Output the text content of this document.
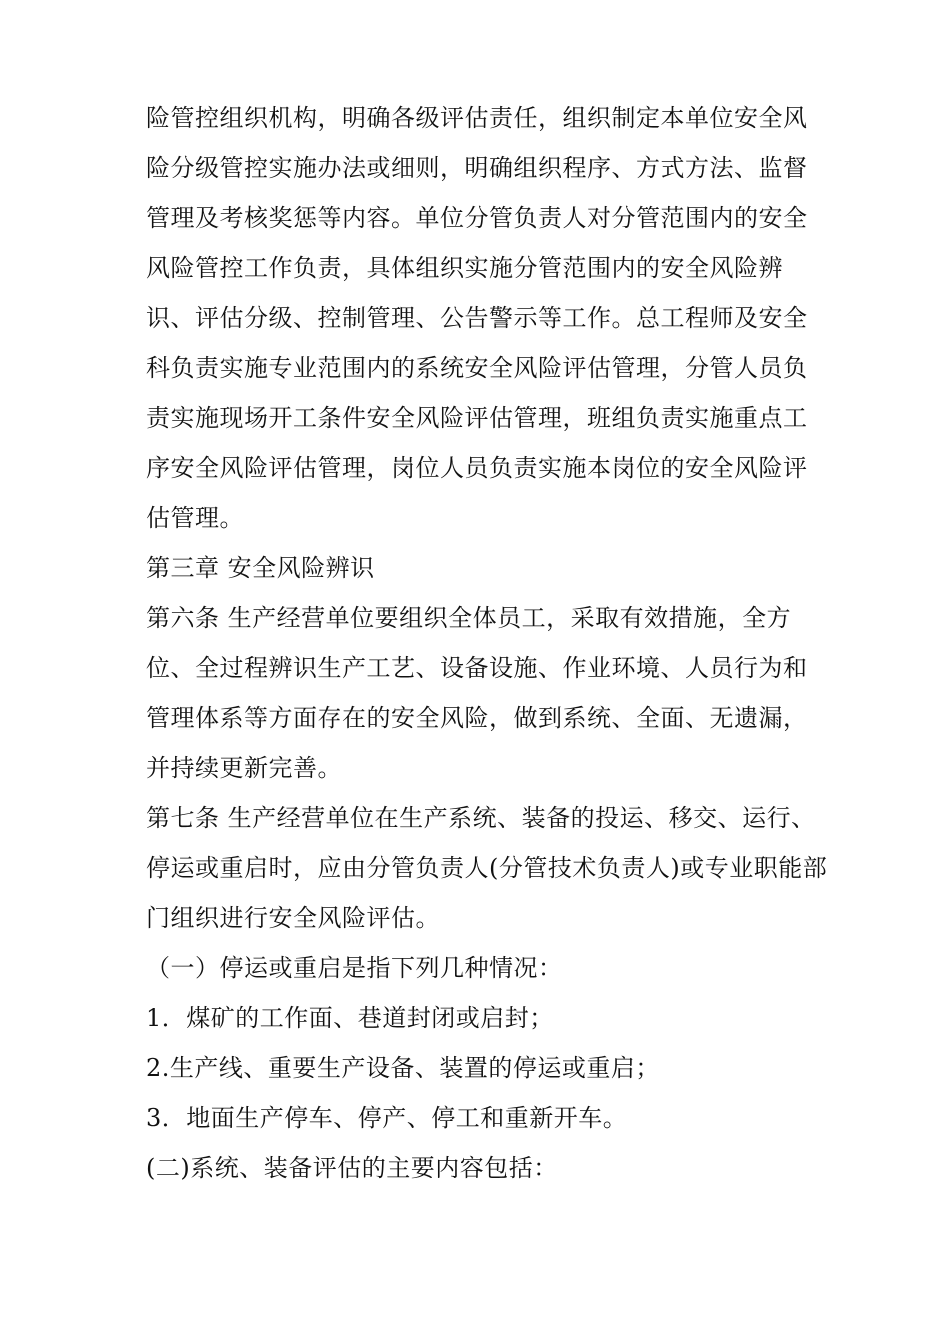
险管控组织机构，明确各级评估责任，组织制定本单位安全风
险分级管控实施办法或细则，明确组织程序、方式方法、监督
管理及考核奖惩等内容。单位分管负责人对分管范围内的安全
风险管控工作负责，具体组织实施分管范围内的安全风险辨
识、评估分级、控制管理、公告警示等工作。总工程师及安全
科负责实施专业范围内的系统安全风险评估管理，分管人员负
责实施现场开工条件安全风险评估管理，班组负责实施重点工
序安全风险评估管理，岗位人员负责实施本岗位的安全风险评
估管理。
第三章 安全风险辨识
第六条 生产经营单位要组织全体员工，采取有效措施，全方
位、全过程辨识生产工艺、设备设施、作业环境、人员行为和
管理体系等方面存在的安全风险，做到系统、全面、无遗漏，
并持续更新完善。
第七条 生产经营单位在生产系统、装备的投运、移交、运行、
停运或重启时，应由分管负责人(分管技术负责人)或专业职能部
门组织进行安全风险评估。
（一）停运或重启是指下列几种情况：
1．煤矿的工作面、巷道封闭或启封；
2.生产线、重要生产设备、装置的停运或重启；
3．地面生产停车、停产、停工和重新开车。
(二)系统、装备评估的主要内容包括：
